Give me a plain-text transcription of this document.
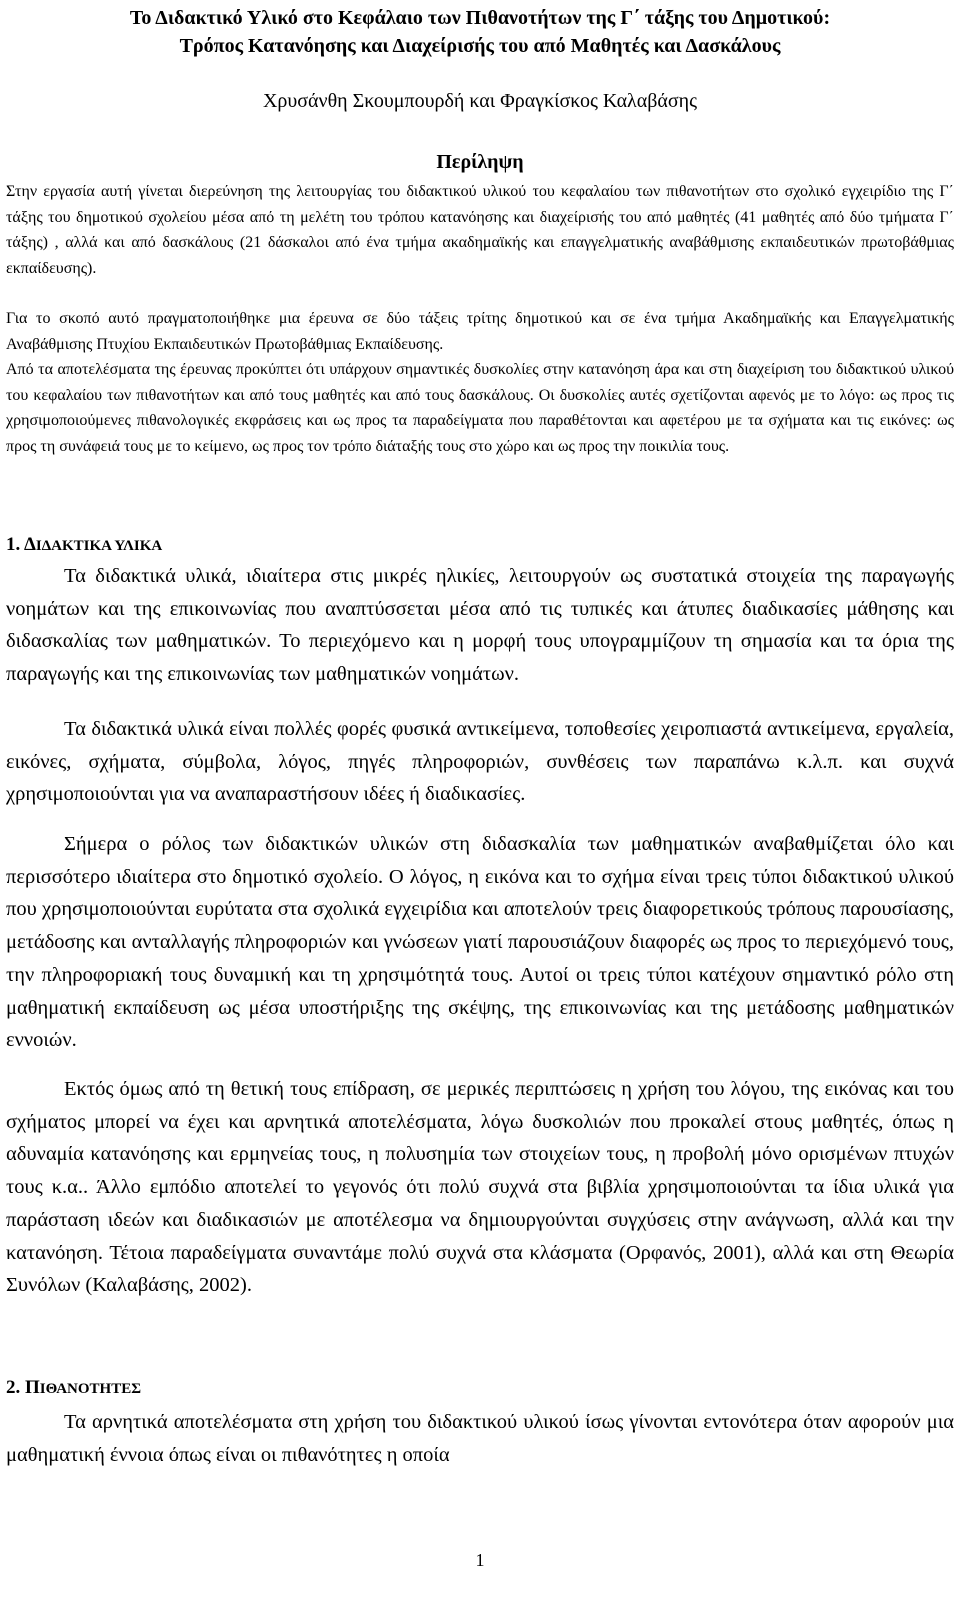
Το Διδακτικό Υλικό στο Κεφάλαιο των Πιθανοτήτων της Γ΄ τάξης του Δημοτικού:
Τρόπος Κατανόησης και Διαχείρισής του από Μαθητές και Δασκάλους
Χρυσάνθη Σκουμπουρδή και Φραγκίσκος Καλαβάσης
Περίληψη

Στην εργασία αυτή γίνεται διερεύνηση της λειτουργίας του διδακτικού υλικού του κεφαλαίου των πιθανοτήτων στο σχολικό εγχειρίδιο της Γ΄ τάξης του δημοτικού σχολείου μέσα από τη μελέτη του τρόπου κατανόησης και διαχείρισής του από μαθητές (41 μαθητές από δύο τμήματα Γ΄ τάξης) , αλλά και από δασκάλους (21 δάσκαλοι από ένα τμήμα ακαδημαϊκής και επαγγελματικής αναβάθμισης εκπαιδευτικών πρωτοβάθμιας εκπαίδευσης).

Για το σκοπό αυτό πραγματοποιήθηκε μια έρευνα σε δύο τάξεις τρίτης δημοτικού και σε ένα τμήμα Ακαδημαϊκής και Επαγγελματικής Αναβάθμισης Πτυχίου Εκπαιδευτικών Πρωτοβάθμιας Εκπαίδευσης.

Από τα αποτελέσματα της έρευνας προκύπτει ότι υπάρχουν σημαντικές δυσκολίες στην κατανόηση άρα και στη διαχείριση του διδακτικού υλικού του κεφαλαίου των πιθανοτήτων και από τους μαθητές και από τους δασκάλους. Οι δυσκολίες αυτές σχετίζονται αφενός με το λόγο: ως προς τις χρησιμοποιούμενες πιθανολογικές εκφράσεις και ως προς τα παραδείγματα που παραθέτονται και αφετέρου με τα σχήματα και τις εικόνες: ως προς τη συνάφειά τους με το κείμενο, ως προς τον τρόπο διάταξής τους στο χώρο και ως προς την ποικιλία τους.

1. ΔΙΔΑΚΤΙΚΑ ΥΛΙΚΑ

Τα διδακτικά υλικά, ιδιαίτερα στις μικρές ηλικίες, λειτουργούν ως συστατικά στοιχεία της παραγωγής νοημάτων και της επικοινωνίας που αναπτύσσεται μέσα από τις τυπικές και άτυπες διαδικασίες μάθησης και διδασκαλίας των μαθηματικών. Το περιεχόμενο και η μορφή τους υπογραμμίζουν τη σημασία και τα όρια της παραγωγής και της επικοινωνίας των μαθηματικών νοημάτων.

Τα διδακτικά υλικά είναι πολλές φορές φυσικά αντικείμενα, τοποθεσίες χειροπιαστά αντικείμενα, εργαλεία, εικόνες, σχήματα, σύμβολα, λόγος, πηγές πληροφοριών, συνθέσεις των παραπάνω κ.λ.π. και συχνά χρησιμοποιούνται για να αναπαραστήσουν ιδέες ή διαδικασίες.

Σήμερα ο ρόλος των διδακτικών υλικών στη διδασκαλία των μαθηματικών αναβαθμίζεται όλο και περισσότερο ιδιαίτερα στο δημοτικό σχολείο. Ο λόγος, η εικόνα και το σχήμα είναι τρεις τύποι διδακτικού υλικού που χρησιμοποιούνται ευρύτατα στα σχολικά εγχειρίδια και αποτελούν τρεις διαφορετικούς τρόπους παρουσίασης, μετάδοσης και ανταλλαγής πληροφοριών και γνώσεων γιατί παρουσιάζουν διαφορές ως προς το περιεχόμενό τους, την πληροφοριακή τους δυναμική και τη χρησιμότητά τους. Αυτοί οι τρεις τύποι κατέχουν σημαντικό ρόλο στη μαθηματική εκπαίδευση ως μέσα υποστήριξης της σκέψης, της επικοινωνίας και της μετάδοσης μαθηματικών εννοιών.

Εκτός όμως από τη θετική τους επίδραση, σε μερικές περιπτώσεις η χρήση του λόγου, της εικόνας και του σχήματος μπορεί να έχει και αρνητικά αποτελέσματα, λόγω δυσκολιών που προκαλεί στους μαθητές, όπως η αδυναμία κατανόησης και ερμηνείας τους, η πολυσημία των στοιχείων τους, η προβολή μόνο ορισμένων πτυχών τους κ.α.. Άλλο εμπόδιο αποτελεί το γεγονός ότι πολύ συχνά στα βιβλία χρησιμοποιούνται τα ίδια υλικά για παράσταση ιδεών και διαδικασιών με αποτέλεσμα να δημιουργούνται συγχύσεις στην ανάγνωση, αλλά και την κατανόηση. Τέτοια παραδείγματα συναντάμε πολύ συχνά στα κλάσματα (Ορφανός, 2001), αλλά και στη Θεωρία Συνόλων (Καλαβάσης, 2002).

2. ΠΙΘΑΝΟΤΗΤΕΣ

Τα αρνητικά αποτελέσματα στη χρήση του διδακτικού υλικού ίσως γίνονται εντονότερα όταν αφορούν μια μαθηματική έννοια όπως είναι οι πιθανότητες η οποία

1
